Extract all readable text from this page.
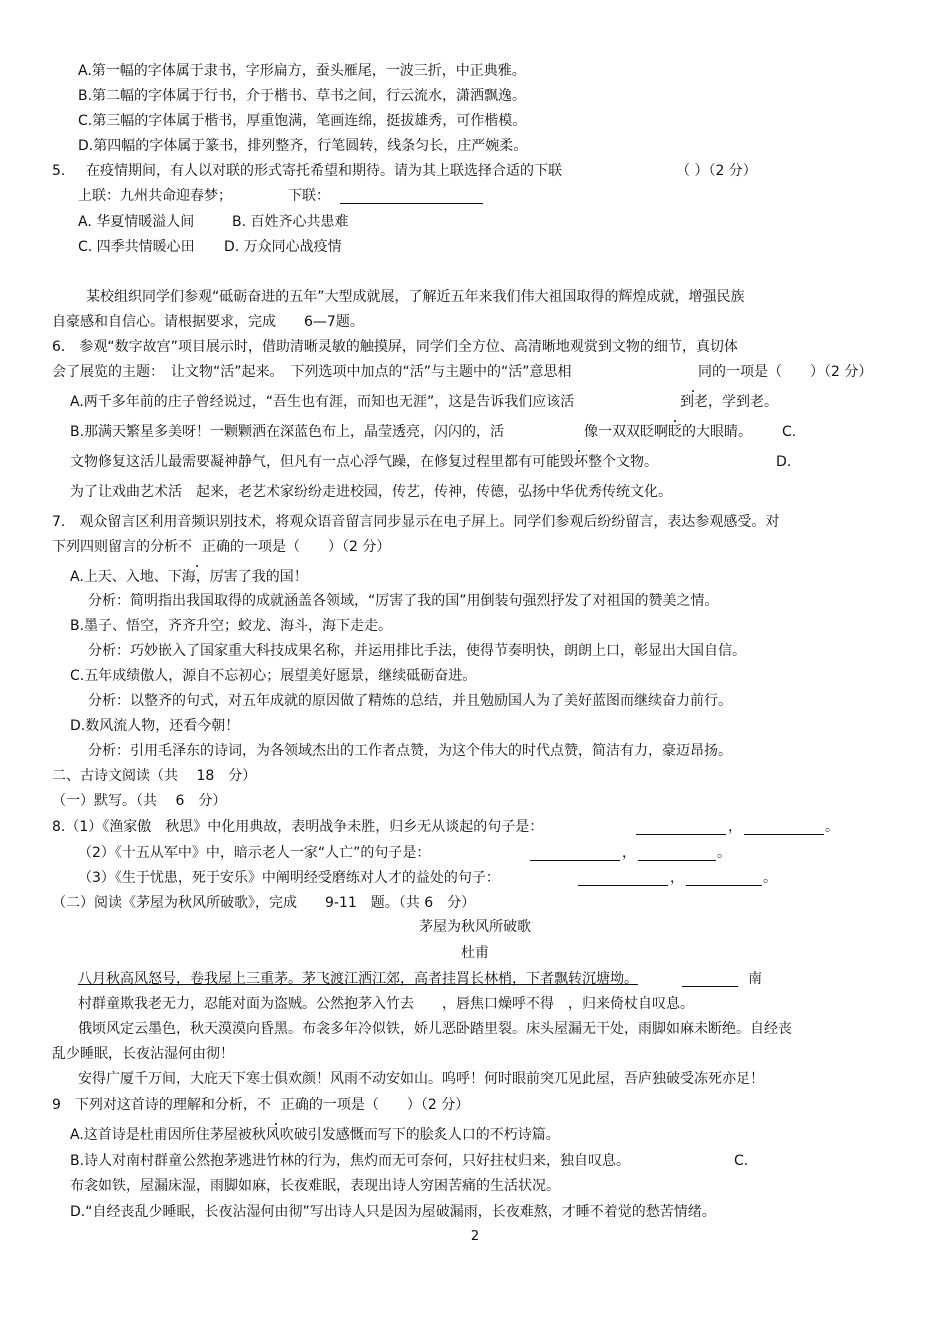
A.第一幅的字体属于隶书，字形扁方，蚕头雁尾，一波三折，中正典雅。
B.第二幅的字体属于行书，介于楷书、草书之间，行云流水，潇洒飘逸。
C.第三幅的字体属于楷书，厚重饱满，笔画连绵，挺拔雄秀，可作楷模。
D.第四幅的字体属于篆书，排列整齐，行笔圆转，线条匀长，庄严婉柔。
5. 在疫情期间，有人以对联的形式寄托希望和期待。请为其上联选择合适的下联	（ ）（2 分）
上联：九州共命迎春梦；	下联：
A. 华夏情暖溢人间	B. 百姓齐心共患难
C. 四季共情暖心田 D. 万众同心战疫情
某校组织同学们参观“砥砺奋进的五年”大型成就展，了解近五年来我们伟大祖国取得的辉煌成就，增强民族
自豪感和自信心。请根据要求，完成　　6—7题。
6.　参观“数字故宫”项目展示时，借助清晰灵敏的触摸屏，同学们全方位、高清晰地观赏到文物的细节，真切体
会了展览的主题：　让文物“活”起来。　下列选项中加点的“活”与主题中的“活”意思相	同的一项是（　　）（2 分）
A.两千多年前的庄子曾经说过，“吾生也有涯，而知也无涯”，这是告诉我们应该活	到老，学到老。
B.那满天繁星多美呀！一颗颗洒在深蓝色布上，晶莹透亮，闪闪的，活	像一双双眨啊眨的大眼睛。 C.
文物修复这活儿最需要凝神静气，但凡有一点心浮气躁，在修复过程里都有可能毁坏整个文物。	D.
为了让戏曲艺术活　起来，老艺术家纷纷走进校园，传艺，传神，传德，弘扬中华优秀传统文化。
7.　观众留言区利用音频识别技术，将观众语音留言同步显示在电子屏上。同学们参观后纷纷留言，表达参观感受。对
下列四则留言的分析不 正确的一项是（　　）（2 分）
A.上天、入地、下海，厉害了我的国！
分析：简明指出我国取得的成就涵盖各领域，“厉害了我的国”用倒装句强烈抒发了对祖国的赞美之情。
B.墨子、悟空，齐齐升空；蛟龙、海斗，海下走走。
分析：巧妙嵌入了国家重大科技成果名称，并运用排比手法，使得节奏明快，朗朗上口，彰显出大国自信。
C.五年成绩傲人，源自不忘初心；展望美好愿景，继续砥砺奋进。
分析：以整齐的句式，对五年成就的原因做了精炼的总结，并且勉励国人为了美好蓝图而继续奋力前行。
D.数风流人物，还看今朝！
分析：引用毛泽东的诗词，为各领域杰出的工作者点赞，为这个伟大的时代点赞，简洁有力，豪迈昂扬。
二、古诗文阅读（共　 18　分）
（一）默写。（共　 6　分）
8.（1）《渔家傲　秋思》中化用典故，表明战争未胜，归乡无从谈起的句子是：	，	。
（2）《十五从军中》中，暗示老人一家“人亡”的句子是：	，	。
（3）《生于忧患，死于安乐》中阐明经受磨练对人才的益处的句子：	，	。
（二）阅读《茅屋为秋风所破歌》，完成　　9-11　题。（共 6　分）
茅屋为秋风所破歌
杜甫
八月秋高风怒号，卷我屋上三重茅。茅飞渡江洒江郊，高者挂罥长林梢，下者飘转沉塘坳。	南
村群童欺我老无力，忍能对面为盗贼。公然抱茅入竹去　　，唇焦口燥呼不得　，归来倚杖自叹息。
俄顷风定云墨色，秋天漠漠向昏黑。布衾多年冷似铁，娇儿恶卧踏里裂。床头屋漏无干处，雨脚如麻未断绝。自经丧
乱少睡眠，长夜沾湿何由彻！
安得广厦千万间，大庇天下寒士俱欢颜！风雨不动安如山。呜呼！何时眼前突兀见此屋，吾庐独破受冻死亦足！
9　下列对这首诗的理解和分析，不 正确的一项是（　　）（2 分）
A.这首诗是杜甫因所住茅屋被秋风吹破引发感慨而写下的脍炙人口的不朽诗篇。
B.诗人对南村群童公然抱茅逃进竹林的行为，焦灼而无可奈何，只好拄杖归来，独自叹息。	C.
布衾如铁，屋漏床湿，雨脚如麻，长夜难眠，表现出诗人穷困苦痛的生活状况。
D.“自经丧乱少睡眠，长夜沾湿何由彻”写出诗人只是因为屋破漏雨，长夜难熬，才睡不着觉的愁苦情绪。
2
